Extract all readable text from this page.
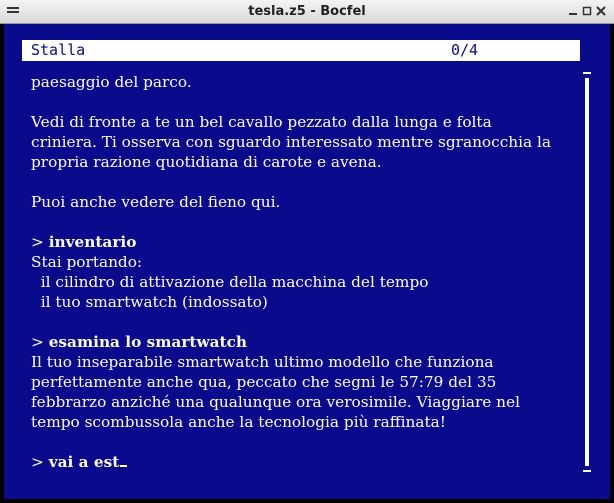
tesla.z5 - Bocfel
Stalla	0/4
paesaggio del parco.
Vedi di fronte a te un bel cavallo pezzato dalla lunga e folta
criniera. Ti osserva con sguardo interessato mentre sgranocchia la
propria razione quotidiana di carote e avena.
Puoi anche vedere del fieno qui.
> inventario
Stai portando:
il cilindro di attivazione della macchina del tempo
il tuo smartwatch (indossato)
> esamina lo smartwatch
Il tuo inseparabile smartwatch ultimo modello che funziona
perfettamente anche qua, peccato che segni le 57:79 del 35
febbrarzo anziché una qualunque ora verosimile. Viaggiare nel
tempo scombussola anche la tecnologia più raffinata!
> vai a est
